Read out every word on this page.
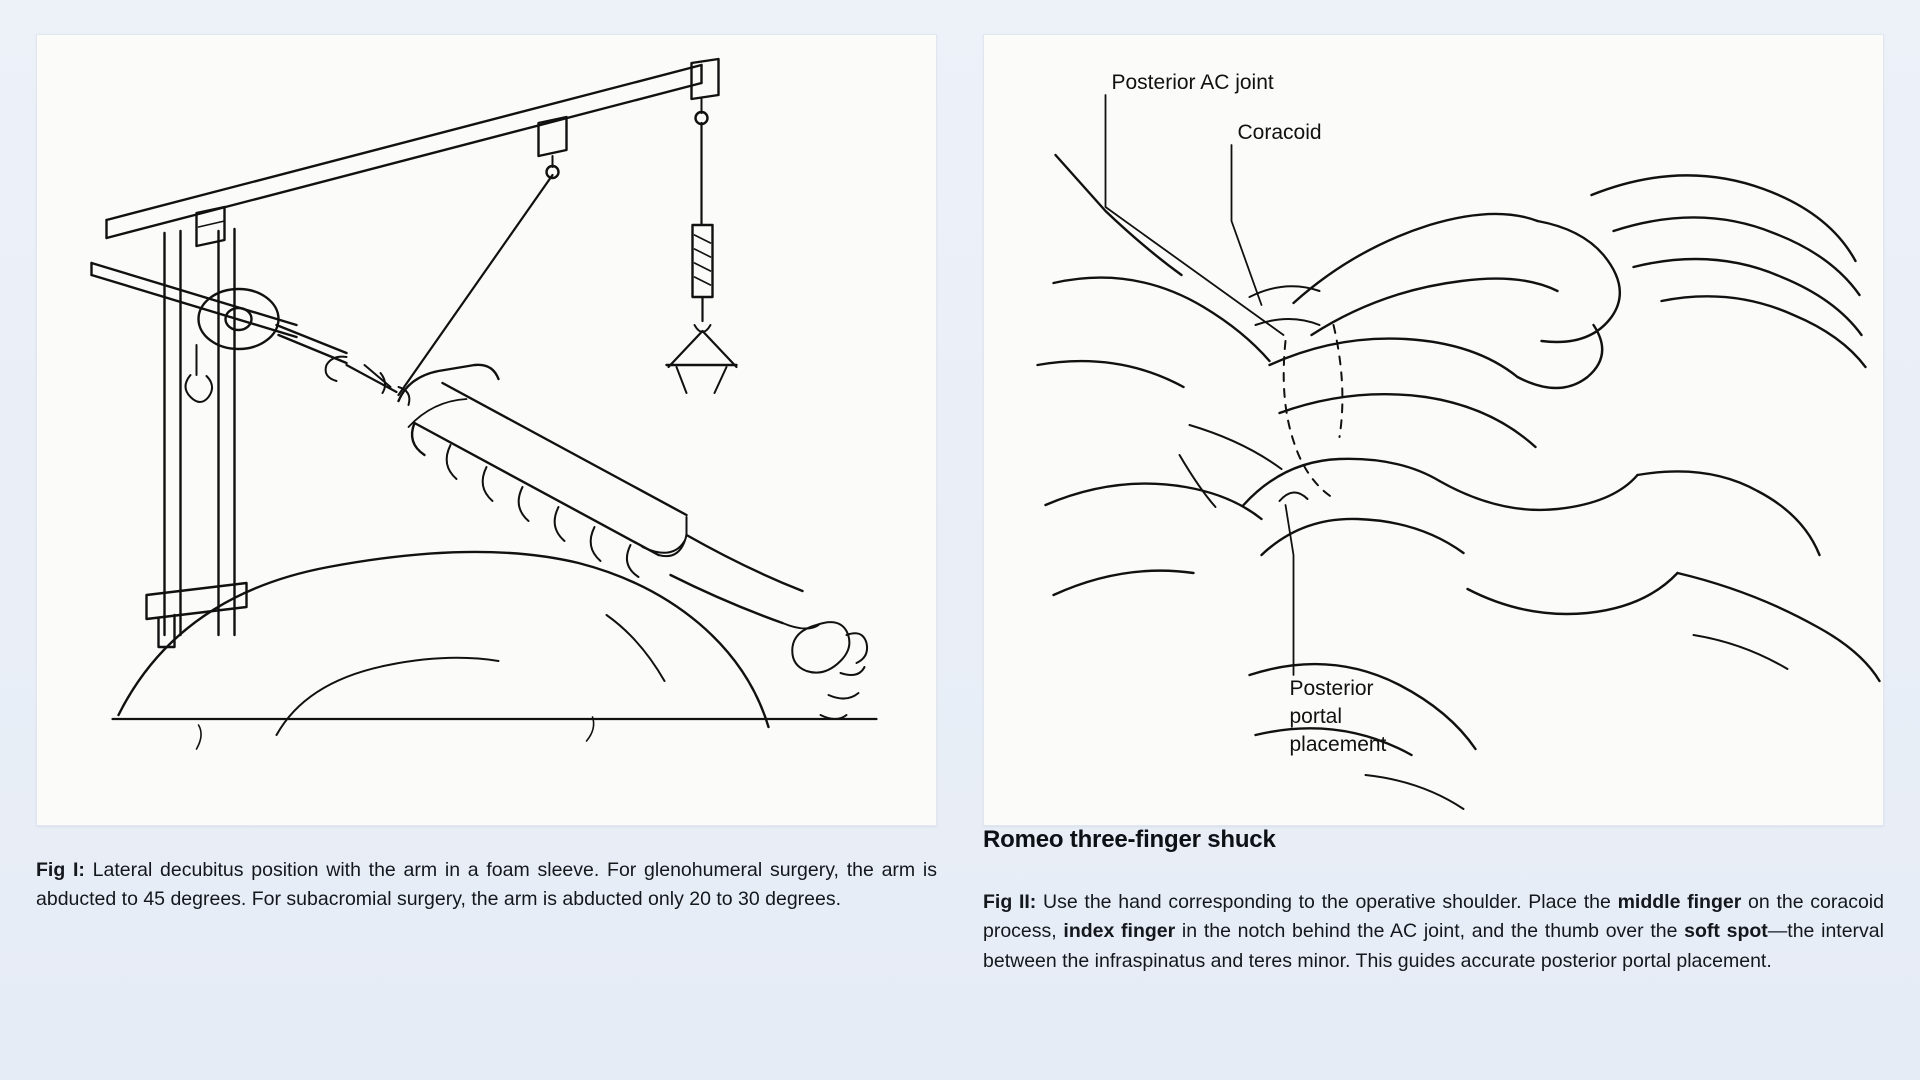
Fig I: Lateral decubitus position with the arm in a foam sleeve. For glenohumeral surgery, the arm is abducted to 45 degrees. For subacromial surgery, the arm is abducted only 20 to 30 degrees.
Posterior AC joint
Coracoid
Posterior
portal
placement
Romeo three-finger shuck
Fig II: Use the hand corresponding to the operative shoulder. Place the middle finger on the coracoid process, index finger in the notch behind the AC joint, and the thumb over the soft spot—the interval between the infraspinatus and teres minor. This guides accurate posterior portal placement.
